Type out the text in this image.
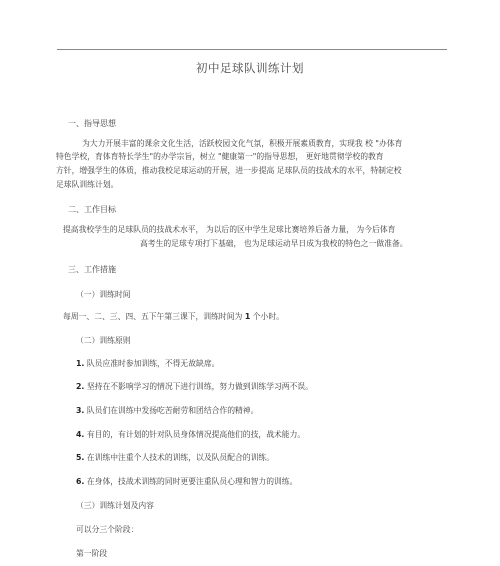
初中足球队训练计划
一、指导思想
为大力开展丰富的课余文化生活，活跃校园文化气氛，积极开展素质教育，实现我 校 "办体育
特色学校，育体育特长学生"的办学宗旨，树立 "健康第一"的指导思想， 更好地贯彻学校的教育
方针，增强学生的体质，推动我校足球运动的开展，进一步提高 足球队员的技战术的水平，特制定校
足球队训练计划。
二、工作目标
提高我校学生的足球队员的技战术水平， 为以后的区中学生足球比赛培养后备力量， 为今后体育
高考生的足球专项打下基础， 也为足球运动早日成为我校的特色之一做准备。
三、工作措施
（一）训练时间
每周一、二、三、四、五下午第三课下，训练时间为 1 个小时。
（二）训练原则
1. 队员应准时参加训练，不得无故缺席。
2. 坚持在不影响学习的情况下进行训练，努力做到训练学习两不误。
3. 队员们在训练中发扬吃苦耐劳和团结合作的精神。
4. 有目的，有计划的针对队员身体情况提高他们的技，战术能力。
5. 在训练中注重个人技术的训练，以及队员配合的训练。
6. 在身体，技战术训练的同时更要注重队员心理和智力的训练。
（三）训练计划及内容
可以分三个阶段：
第一阶段
